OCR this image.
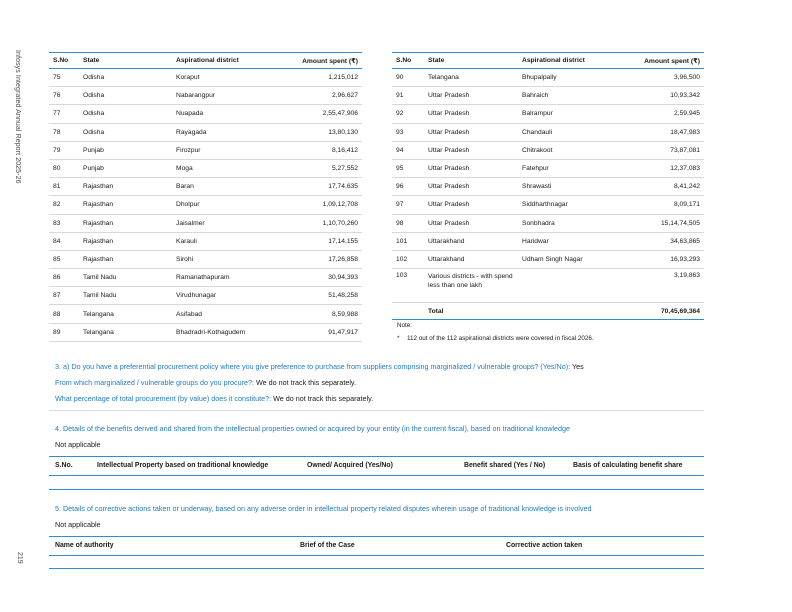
Infosys Integrated Annual Report 2025-26
219
S.No	State	Aspirational district	Amount spent (₹)
75	Odisha	Koraput	1,215,012
76	Odisha	Nabarangpur	2,96,627
77	Odisha	Nuapada	2,55,47,906
78	Odisha	Rayagada	13,80,130
79	Punjab	Firozpur	8,16,412
80	Punjab	Moga	5,27,552
81	Rajasthan	Baran	17,74,635
82	Rajasthan	Dholpur	1,09,12,708
83	Rajasthan	Jaisalmer	1,10,70,260
84	Rajasthan	Karauli	17,14,155
85	Rajasthan	Sirohi	17,26,858
86	Tamil Nadu	Ramanathapuram	30,94,393
87	Tamil Nadu	Virudhunagar	51,48,258
88	Telangana	Asifabad	8,59,988
89	Telangana	Bhadradri-Kothagudem	91,47,917
S.No	State	Aspirational district	Amount spent (₹)
90	Telangana	Bhupalpally	3,96,500
91	Uttar Pradesh	Bahraich	10,93,342
92	Uttar Pradesh	Balrampur	2,59,945
93	Uttar Pradesh	Chandauli	18,47,983
94	Uttar Pradesh	Chitrakoot	73,87,081
95	Uttar Pradesh	Fatehpur	12,37,083
96	Uttar Pradesh	Shrawasti	8,41,242
97	Uttar Pradesh	Siddharthnagar	8,09,171
98	Uttar Pradesh	Sonbhadra	15,14,74,505
101	Uttarakhand	Haridwar	34,63,865
102	Uttarakhand	Udham Singh Nagar	16,93,293
103	Various districts - with spend less than one lakh		3,19,863
	Total		70,45,69,364
Note:
* 112 out of the 112 aspirational districts were covered in fiscal 2026.
3. a) Do you have a preferential procurement policy where you give preference to purchase from suppliers comprising marginalized / vulnerable groups? (Yes/No): Yes
From which marginalized / vulnerable groups do you procure?: We do not track this separately.
What percentage of total procurement (by value) does it constitute?: We do not track this separately.
4. Details of the benefits derived and shared from the intellectual properties owned or acquired by your entity (in the current fiscal), based on traditional knowledge
Not applicable
S.No.	Intellectual Property based on traditional knowledge	Owned/ Acquired (Yes/No)	Benefit shared (Yes / No)	Basis of calculating benefit share
5. Details of corrective actions taken or underway, based on any adverse order in intellectual property related disputes wherein usage of traditional knowledge is involved
Not applicable
Name of authority	Brief of the Case	Corrective action taken
